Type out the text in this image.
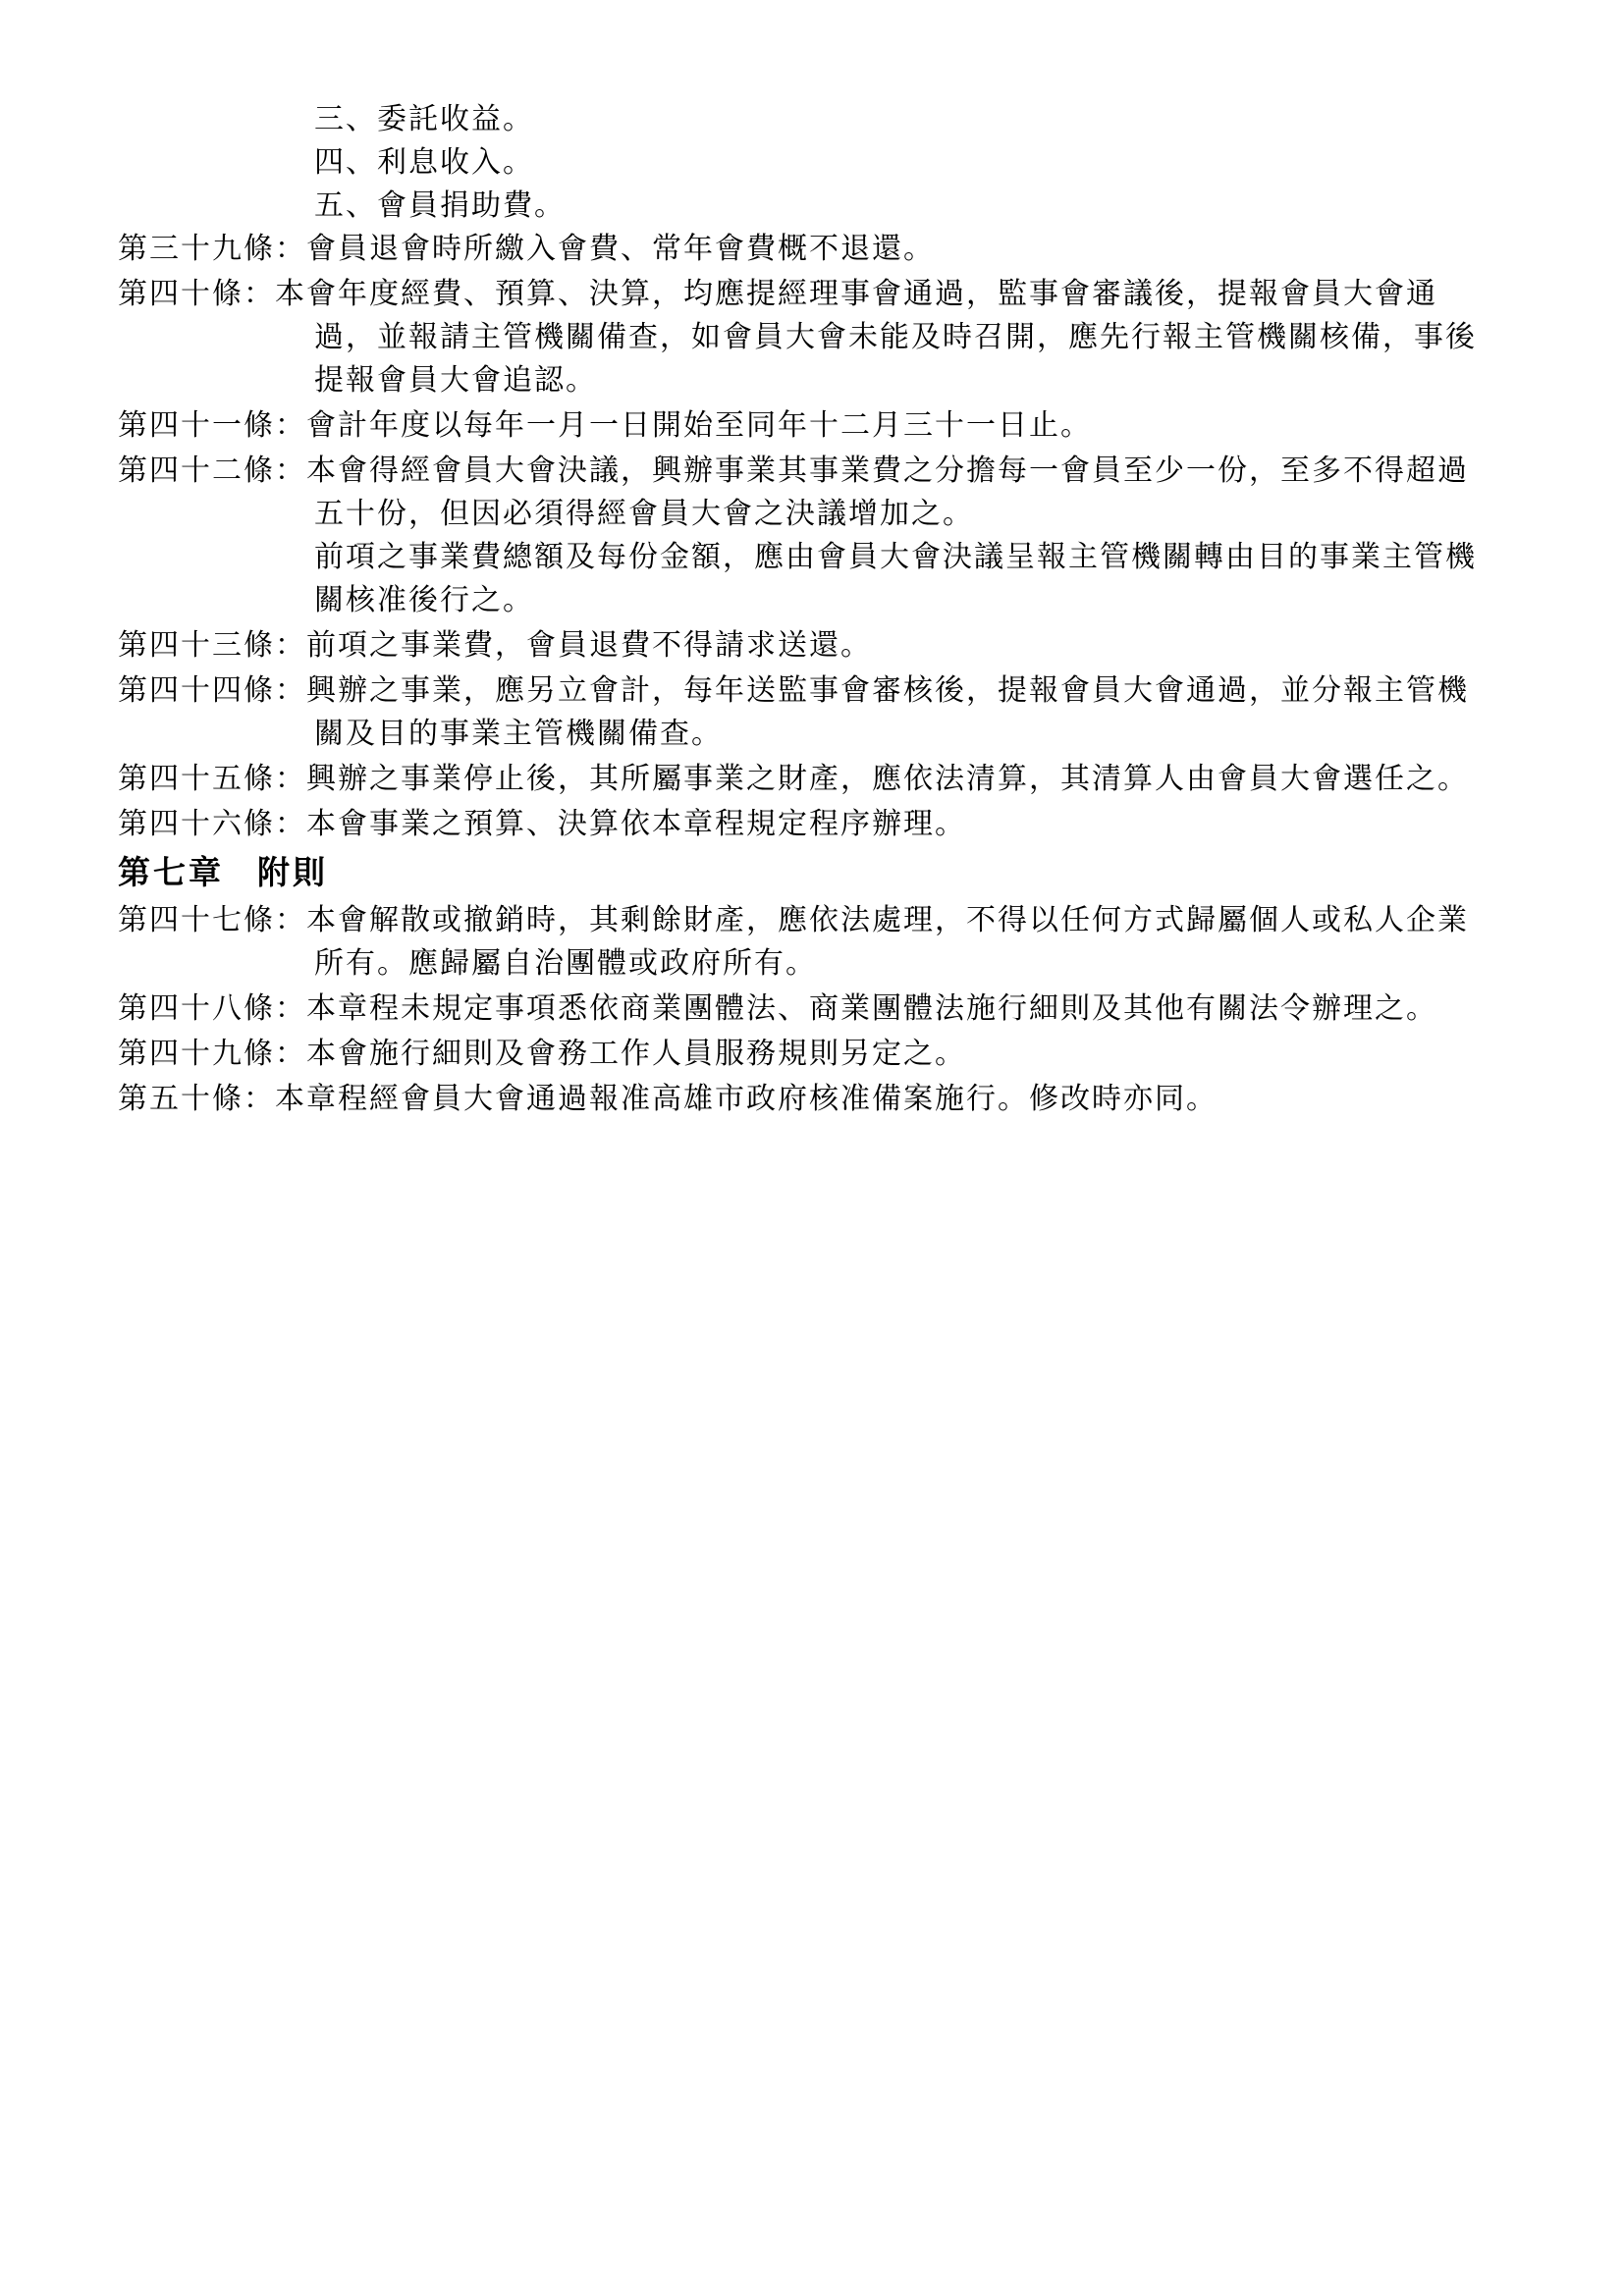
三、委託收益。
四、利息收入。
五、會員捐助費。
第三十九條：會員退會時所繳入會費、常年會費概不退還。
第四十條：本會年度經費、預算、決算，均應提經理事會通過，監事會審議後，提報會員大會通
過，並報請主管機關備查，如會員大會未能及時召開，應先行報主管機關核備，事後
提報會員大會追認。
第四十一條：會計年度以每年一月一日開始至同年十二月三十一日止。
第四十二條：本會得經會員大會決議，興辦事業其事業費之分擔每一會員至少一份，至多不得超過
五十份，但因必須得經會員大會之決議增加之。
前項之事業費總額及每份金額，應由會員大會決議呈報主管機關轉由目的事業主管機
關核准後行之。
第四十三條：前項之事業費，會員退費不得請求送還。
第四十四條：興辦之事業，應另立會計，每年送監事會審核後，提報會員大會通過，並分報主管機
關及目的事業主管機關備查。
第四十五條：興辦之事業停止後，其所屬事業之財產，應依法清算，其清算人由會員大會選任之。
第四十六條：本會事業之預算、決算依本章程規定程序辦理。
第七章 附則
第四十七條：本會解散或撤銷時，其剩餘財產，應依法處理，不得以任何方式歸屬個人或私人企業
所有。應歸屬自治團體或政府所有。
第四十八條：本章程未規定事項悉依商業團體法、商業團體法施行細則及其他有關法令辦理之。
第四十九條：本會施行細則及會務工作人員服務規則另定之。
第五十條：本章程經會員大會通過報准高雄市政府核准備案施行。修改時亦同。
